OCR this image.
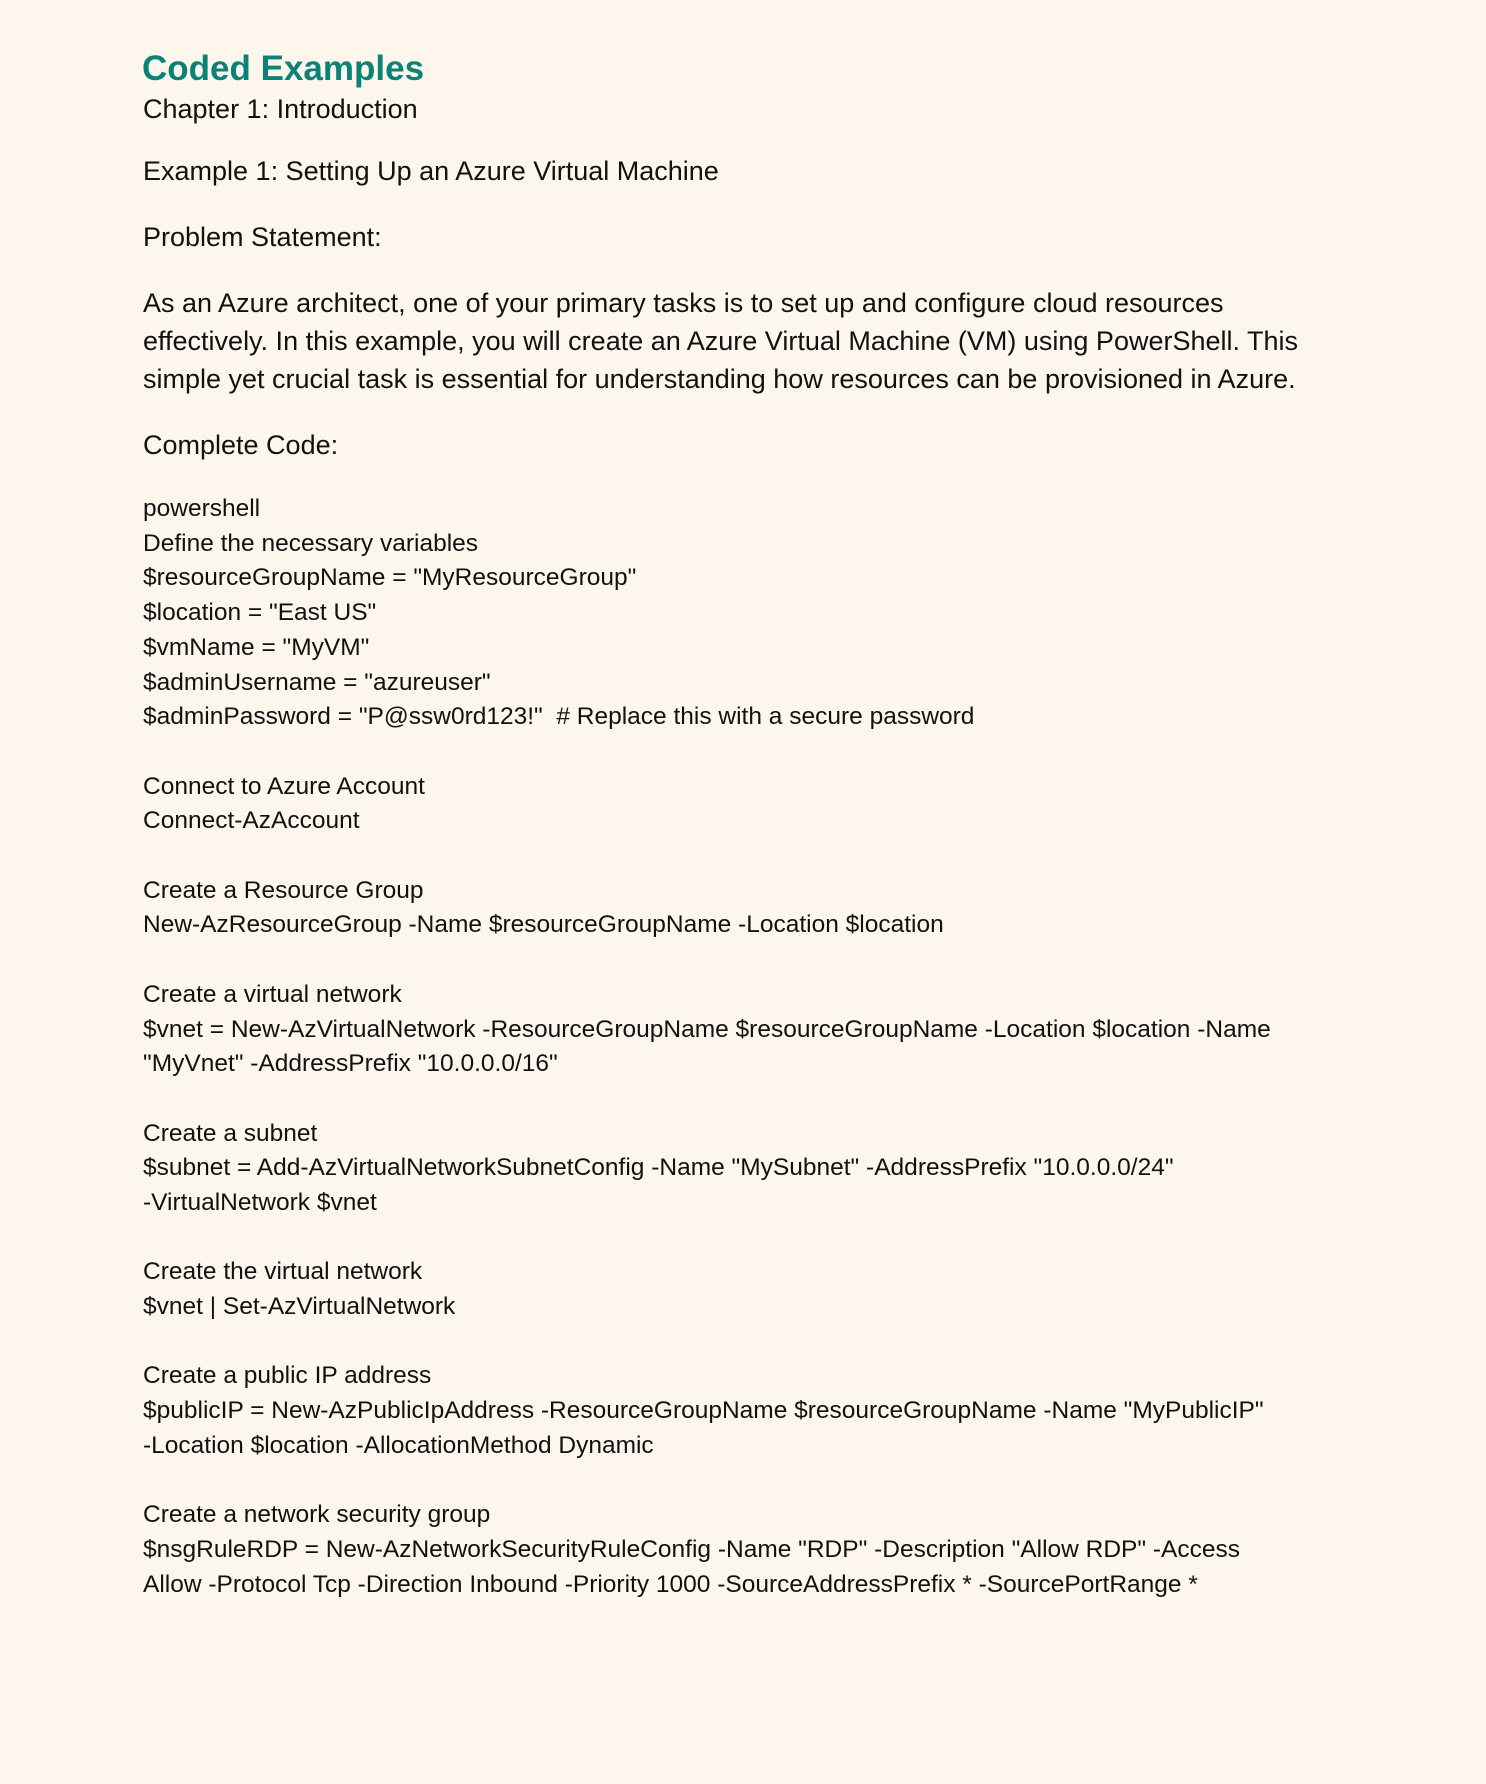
Coded Examples
Chapter 1: Introduction
Example 1: Setting Up an Azure Virtual Machine
Problem Statement:
As an Azure architect, one of your primary tasks is to set up and configure cloud resources effectively. In this example, you will create an Azure Virtual Machine (VM) using PowerShell. This simple yet crucial task is essential for understanding how resources can be provisioned in Azure.
Complete Code:
powershell
Define the necessary variables
$resourceGroupName = "MyResourceGroup"
$location = "East US"
$vmName = "MyVM"
$adminUsername = "azureuser"
$adminPassword = "P@ssw0rd123!"  # Replace this with a secure password
Connect to Azure Account
Connect-AzAccount
Create a Resource Group
New-AzResourceGroup -Name $resourceGroupName -Location $location
Create a virtual network
$vnet = New-AzVirtualNetwork -ResourceGroupName $resourceGroupName -Location $location -Name
"MyVnet" -AddressPrefix "10.0.0.0/16"
Create a subnet
$subnet = Add-AzVirtualNetworkSubnetConfig -Name "MySubnet" -AddressPrefix "10.0.0.0/24"
-VirtualNetwork $vnet
Create the virtual network
$vnet | Set-AzVirtualNetwork
Create a public IP address
$publicIP = New-AzPublicIpAddress -ResourceGroupName $resourceGroupName -Name "MyPublicIP"
-Location $location -AllocationMethod Dynamic
Create a network security group
$nsgRuleRDP = New-AzNetworkSecurityRuleConfig -Name "RDP" -Description "Allow RDP" -Access
Allow -Protocol Tcp -Direction Inbound -Priority 1000 -SourceAddressPrefix * -SourcePortRange *
